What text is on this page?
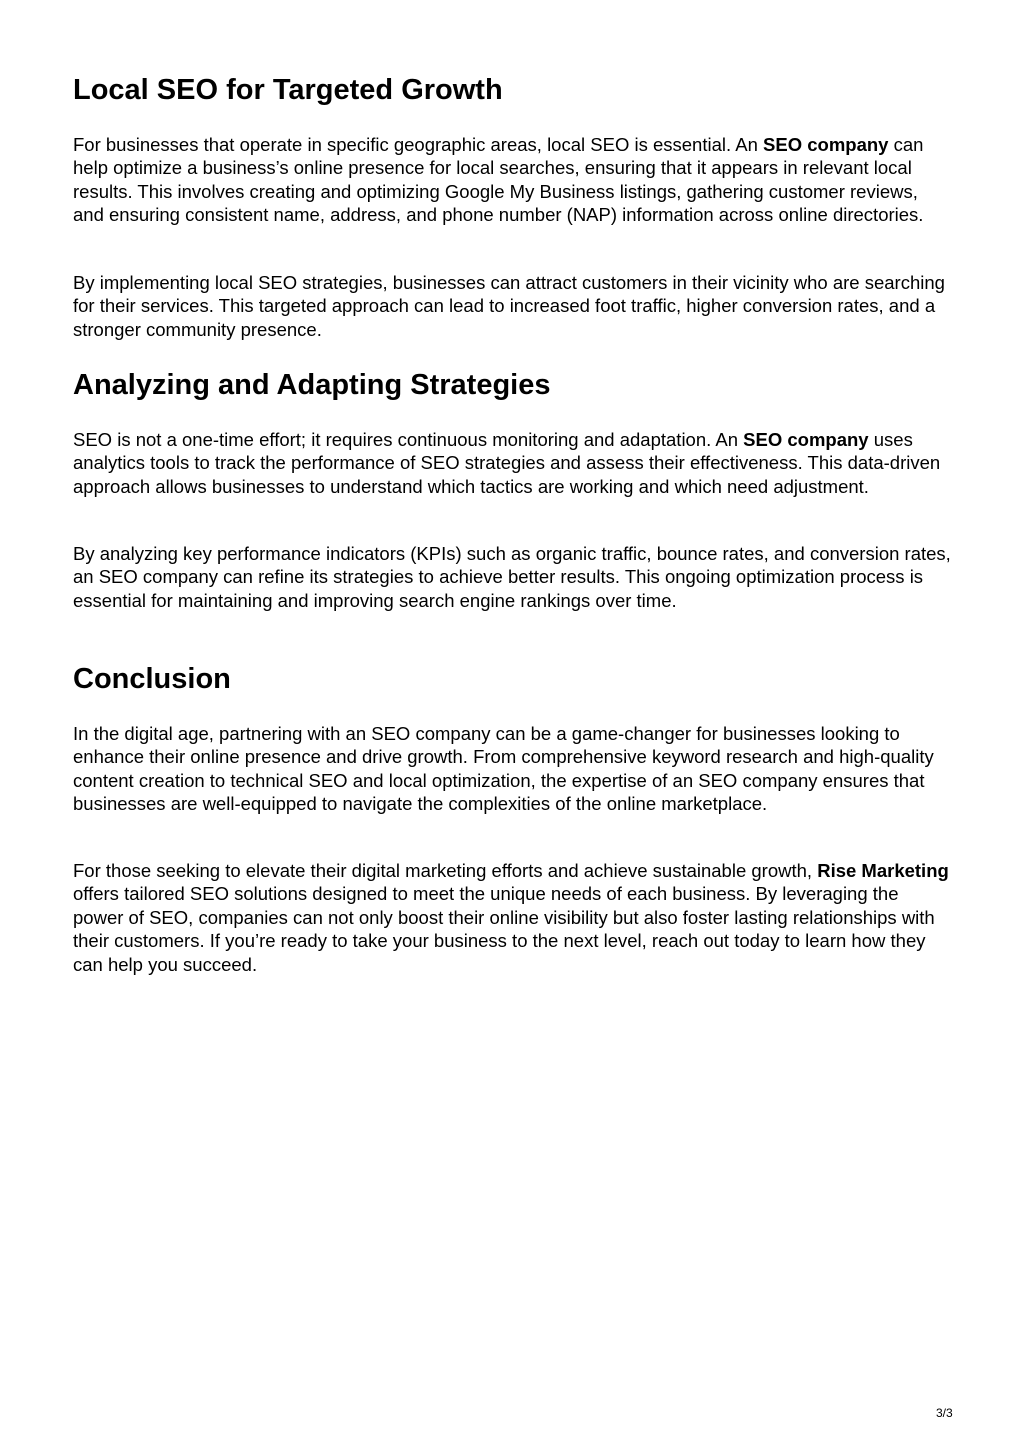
Local SEO for Targeted Growth

For businesses that operate in specific geographic areas, local SEO is essential. An SEO company can help optimize a business’s online presence for local searches, ensuring that it appears in relevant local results. This involves creating and optimizing Google My Business listings, gathering customer reviews, and ensuring consistent name, address, and phone number (NAP) information across online directories.

By implementing local SEO strategies, businesses can attract customers in their vicinity who are searching for their services. This targeted approach can lead to increased foot traffic, higher conversion rates, and a stronger community presence.

Analyzing and Adapting Strategies

SEO is not a one-time effort; it requires continuous monitoring and adaptation. An SEO company uses analytics tools to track the performance of SEO strategies and assess their effectiveness. This data-driven approach allows businesses to understand which tactics are working and which need adjustment.

By analyzing key performance indicators (KPIs) such as organic traffic, bounce rates, and conversion rates, an SEO company can refine its strategies to achieve better results. This ongoing optimization process is essential for maintaining and improving search engine rankings over time.

Conclusion

In the digital age, partnering with an SEO company can be a game-changer for businesses looking to enhance their online presence and drive growth. From comprehensive keyword research and high-quality content creation to technical SEO and local optimization, the expertise of an SEO company ensures that businesses are well-equipped to navigate the complexities of the online marketplace.

For those seeking to elevate their digital marketing efforts and achieve sustainable growth, Rise Marketing offers tailored SEO solutions designed to meet the unique needs of each business. By leveraging the power of SEO, companies can not only boost their online visibility but also foster lasting relationships with their customers. If you’re ready to take your business to the next level, reach out today to learn how they can help you succeed.

3/3
